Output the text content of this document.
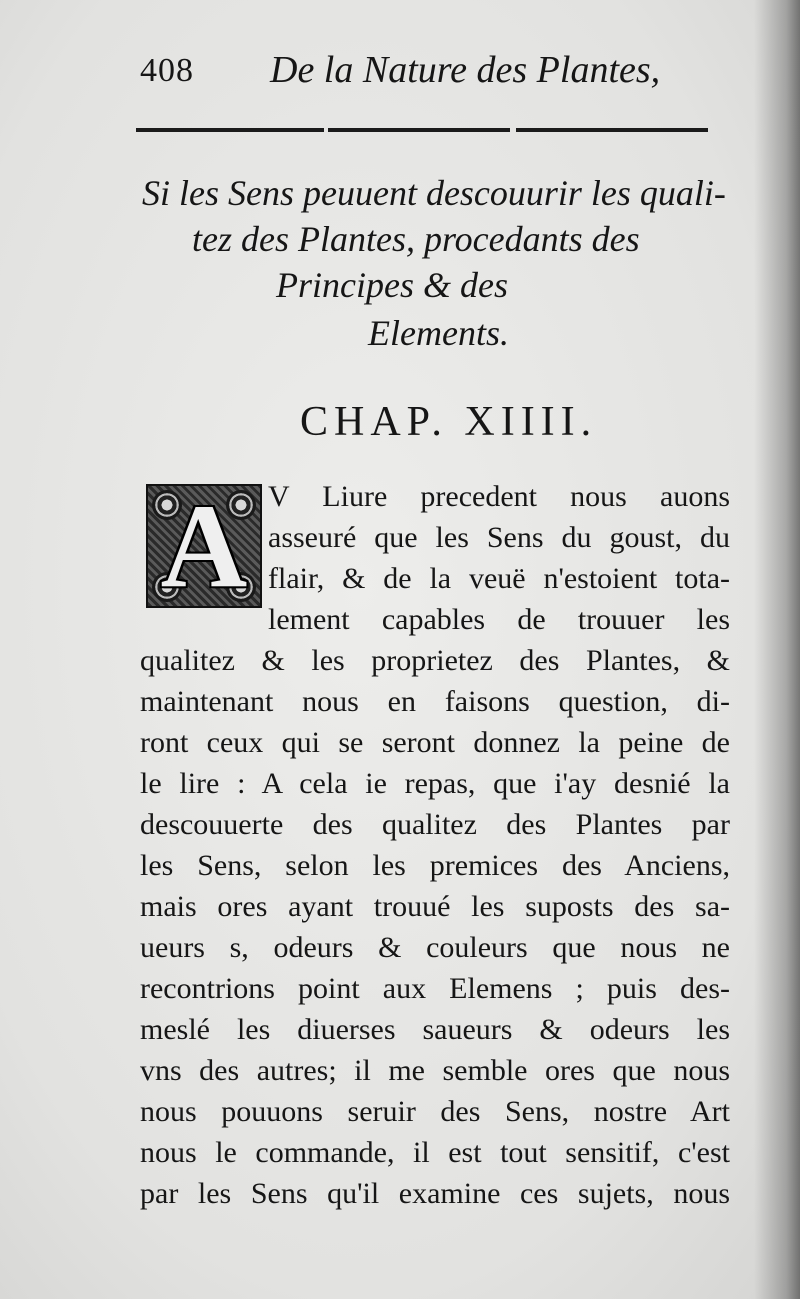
408 De la Nature des Plantes,
Si les Sens peuuent descouurir les quali-
tez des Plantes, procedants des
Principes & des
Elements.
CHAP. XIIII.
A V Liure precedent nous auons
asseuré que les Sens du goust, du
flair, & de la veuë n'estoient tota-
lement capables de trouuer les
qualitez & les proprietez des Plantes, &
maintenant nous en faisons question, di-
ront ceux qui se seront donnez la peine de
le lire : A cela ie repas, que i'ay desnié la
descouuerte des qualitez des Plantes par
les Sens, selon les premices des Anciens,
mais ores ayant trouué les suposts des sa-
ueurs s, odeurs & couleurs que nous ne
recontrions point aux Elemens ; puis des-
meslé les diuerses saueurs & odeurs les
vns des autres; il me semble ores que nous
nous pouuons seruir des Sens, nostre Art
nous le commande, il est tout sensitif, c'est
par les Sens qu'il examine ces sujets, nous
